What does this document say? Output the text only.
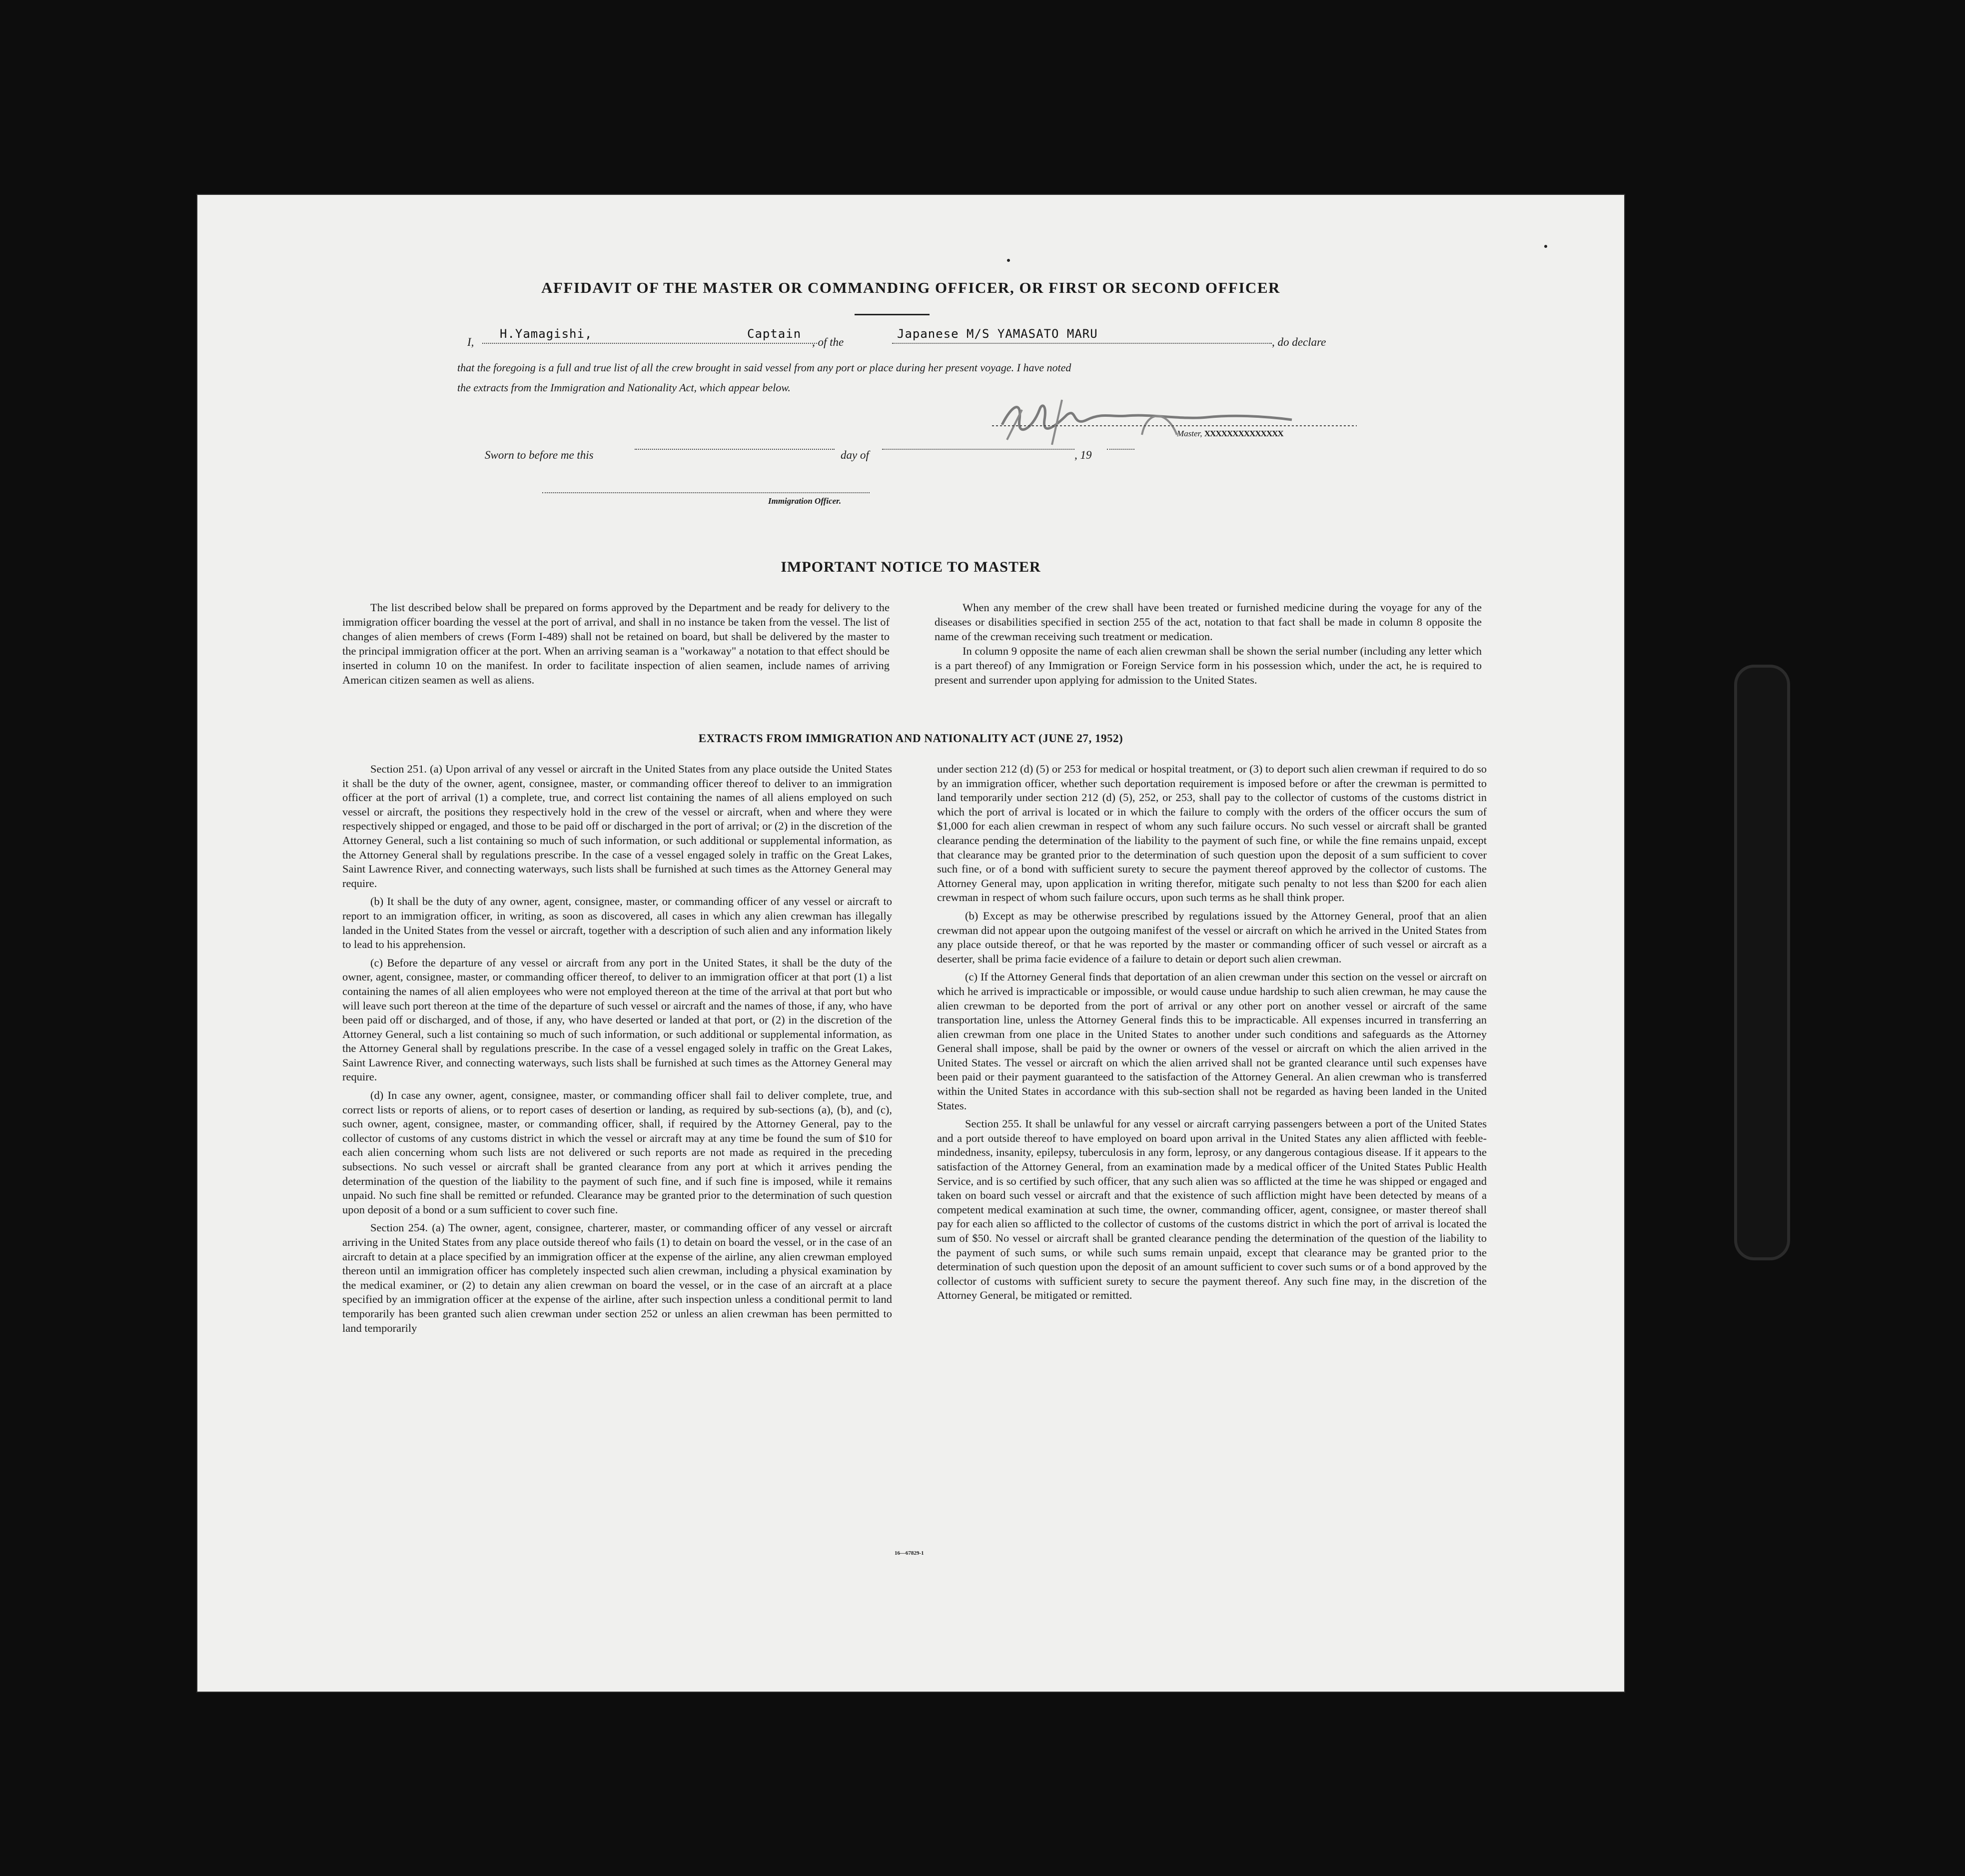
AFFIDAVIT OF THE MASTER OR COMMANDING OFFICER, OR FIRST OR SECOND OFFICER
I,
H.Yamagishi,	Captain
, of the
Japanese M/S YAMASATO MARU
, do declare
that the foregoing is a full and true list of all the crew brought in said vessel from any port or place during her present voyage. I have noted
the extracts from the Immigration and Nationality Act, which appear below.
Master, XXXXXXXXXXXXXX
Sworn to before me this	day of	, 19
Immigration Officer.
IMPORTANT NOTICE TO MASTER

The list described below shall be prepared on forms approved by the Department and be ready for delivery to the immigration officer boarding the vessel at the port of arrival, and shall in no instance be taken from the vessel. The list of changes of alien members of crews (Form I-489) shall not be retained on board, but shall be delivered by the master to the principal immigration officer at the port. When an arriving seaman is a "workaway" a notation to that effect should be inserted in column 10 on the manifest. In order to facilitate inspection of alien seamen, include names of arriving American citizen seamen as well as aliens.

When any member of the crew shall have been treated or furnished medicine during the voyage for any of the diseases or disabilities specified in section 255 of the act, notation to that fact shall be made in column 8 opposite the name of the crewman receiving such treatment or medication.

In column 9 opposite the name of each alien crewman shall be shown the serial number (including any letter which is a part thereof) of any Immigration or Foreign Service form in his possession which, under the act, he is required to present and surrender upon applying for admission to the United States.

EXTRACTS FROM IMMIGRATION AND NATIONALITY ACT (JUNE 27, 1952)

Section 251. (a) Upon arrival of any vessel or aircraft in the United States from any place outside the United States it shall be the duty of the owner, agent, consignee, master, or commanding officer thereof to deliver to an immigration officer at the port of arrival (1) a complete, true, and correct list containing the names of all aliens employed on such vessel or aircraft, the positions they respectively hold in the crew of the vessel or aircraft, when and where they were respectively shipped or engaged, and those to be paid off or discharged in the port of arrival; or (2) in the discretion of the Attorney General, such a list containing so much of such information, or such additional or supplemental information, as the Attorney General shall by regulations prescribe. In the case of a vessel engaged solely in traffic on the Great Lakes, Saint Lawrence River, and connecting waterways, such lists shall be furnished at such times as the Attorney General may require.

(b) It shall be the duty of any owner, agent, consignee, master, or commanding officer of any vessel or aircraft to report to an immigration officer, in writing, as soon as discovered, all cases in which any alien crewman has illegally landed in the United States from the vessel or aircraft, together with a description of such alien and any information likely to lead to his apprehension.

(c) Before the departure of any vessel or aircraft from any port in the United States, it shall be the duty of the owner, agent, consignee, master, or commanding officer thereof, to deliver to an immigration officer at that port (1) a list containing the names of all alien employees who were not employed thereon at the time of the arrival at that port but who will leave such port thereon at the time of the departure of such vessel or aircraft and the names of those, if any, who have been paid off or discharged, and of those, if any, who have deserted or landed at that port, or (2) in the discretion of the Attorney General, such a list containing so much of such information, or such additional or supplemental information, as the Attorney General shall by regulations prescribe. In the case of a vessel engaged solely in traffic on the Great Lakes, Saint Lawrence River, and connecting waterways, such lists shall be furnished at such times as the Attorney General may require.

(d) In case any owner, agent, consignee, master, or commanding officer shall fail to deliver complete, true, and correct lists or reports of aliens, or to report cases of desertion or landing, as required by sub-sections (a), (b), and (c), such owner, agent, consignee, master, or commanding officer, shall, if required by the Attorney General, pay to the collector of customs of any customs district in which the vessel or aircraft may at any time be found the sum of $10 for each alien concerning whom such lists are not delivered or such reports are not made as required in the preceding subsections. No such vessel or aircraft shall be granted clearance from any port at which it arrives pending the determination of the question of the liability to the payment of such fine, and if such fine is imposed, while it remains unpaid. No such fine shall be remitted or refunded. Clearance may be granted prior to the determination of such question upon deposit of a bond or a sum sufficient to cover such fine.

Section 254. (a) The owner, agent, consignee, charterer, master, or commanding officer of any vessel or aircraft arriving in the United States from any place outside thereof who fails (1) to detain on board the vessel, or in the case of an aircraft to detain at a place specified by an immigration officer at the expense of the airline, any alien crewman employed thereon until an immigration officer has completely inspected such alien crewman, including a physical examination by the medical examiner, or (2) to detain any alien crewman on board the vessel, or in the case of an aircraft at a place specified by an immigration officer at the expense of the airline, after such inspection unless a conditional permit to land temporarily has been granted such alien crewman under section 252 or unless an alien crewman has been permitted to land temporarily

under section 212 (d) (5) or 253 for medical or hospital treatment, or (3) to deport such alien crewman if required to do so by an immigration officer, whether such deportation requirement is imposed before or after the crewman is permitted to land temporarily under section 212 (d) (5), 252, or 253, shall pay to the collector of customs of the customs district in which the port of arrival is located or in which the failure to comply with the orders of the officer occurs the sum of $1,000 for each alien crewman in respect of whom any such failure occurs. No such vessel or aircraft shall be granted clearance pending the determination of the liability to the payment of such fine, or while the fine remains unpaid, except that clearance may be granted prior to the determination of such question upon the deposit of a sum sufficient to cover such fine, or of a bond with sufficient surety to secure the payment thereof approved by the collector of customs. The Attorney General may, upon application in writing therefor, mitigate such penalty to not less than $200 for each alien crewman in respect of whom such failure occurs, upon such terms as he shall think proper.

(b) Except as may be otherwise prescribed by regulations issued by the Attorney General, proof that an alien crewman did not appear upon the outgoing manifest of the vessel or aircraft on which he arrived in the United States from any place outside thereof, or that he was reported by the master or commanding officer of such vessel or aircraft as a deserter, shall be prima facie evidence of a failure to detain or deport such alien crewman.

(c) If the Attorney General finds that deportation of an alien crewman under this section on the vessel or aircraft on which he arrived is impracticable or impossible, or would cause undue hardship to such alien crewman, he may cause the alien crewman to be deported from the port of arrival or any other port on another vessel or aircraft of the same transportation line, unless the Attorney General finds this to be impracticable. All expenses incurred in transferring an alien crewman from one place in the United States to another under such conditions and safeguards as the Attorney General shall impose, shall be paid by the owner or owners of the vessel or aircraft on which the alien arrived in the United States. The vessel or aircraft on which the alien arrived shall not be granted clearance until such expenses have been paid or their payment guaranteed to the satisfaction of the Attorney General. An alien crewman who is transferred within the United States in accordance with this sub-section shall not be regarded as having been landed in the United States.

Section 255. It shall be unlawful for any vessel or aircraft carrying passengers between a port of the United States and a port outside thereof to have employed on board upon arrival in the United States any alien afflicted with feeble-mindedness, insanity, epilepsy, tuberculosis in any form, leprosy, or any dangerous contagious disease. If it appears to the satisfaction of the Attorney General, from an examination made by a medical officer of the United States Public Health Service, and is so certified by such officer, that any such alien was so afflicted at the time he was shipped or engaged and taken on board such vessel or aircraft and that the existence of such affliction might have been detected by means of a competent medical examination at such time, the owner, commanding officer, agent, consignee, or master thereof shall pay for each alien so afflicted to the collector of customs of the customs district in which the port of arrival is located the sum of $50. No vessel or aircraft shall be granted clearance pending the determination of the question of the liability to the payment of such sums, or while such sums remain unpaid, except that clearance may be granted prior to the determination of such question upon the deposit of an amount sufficient to cover such sums or of a bond approved by the collector of customs with sufficient surety to secure the payment thereof. Any such fine may, in the discretion of the Attorney General, be mitigated or remitted.

16—67829-1
